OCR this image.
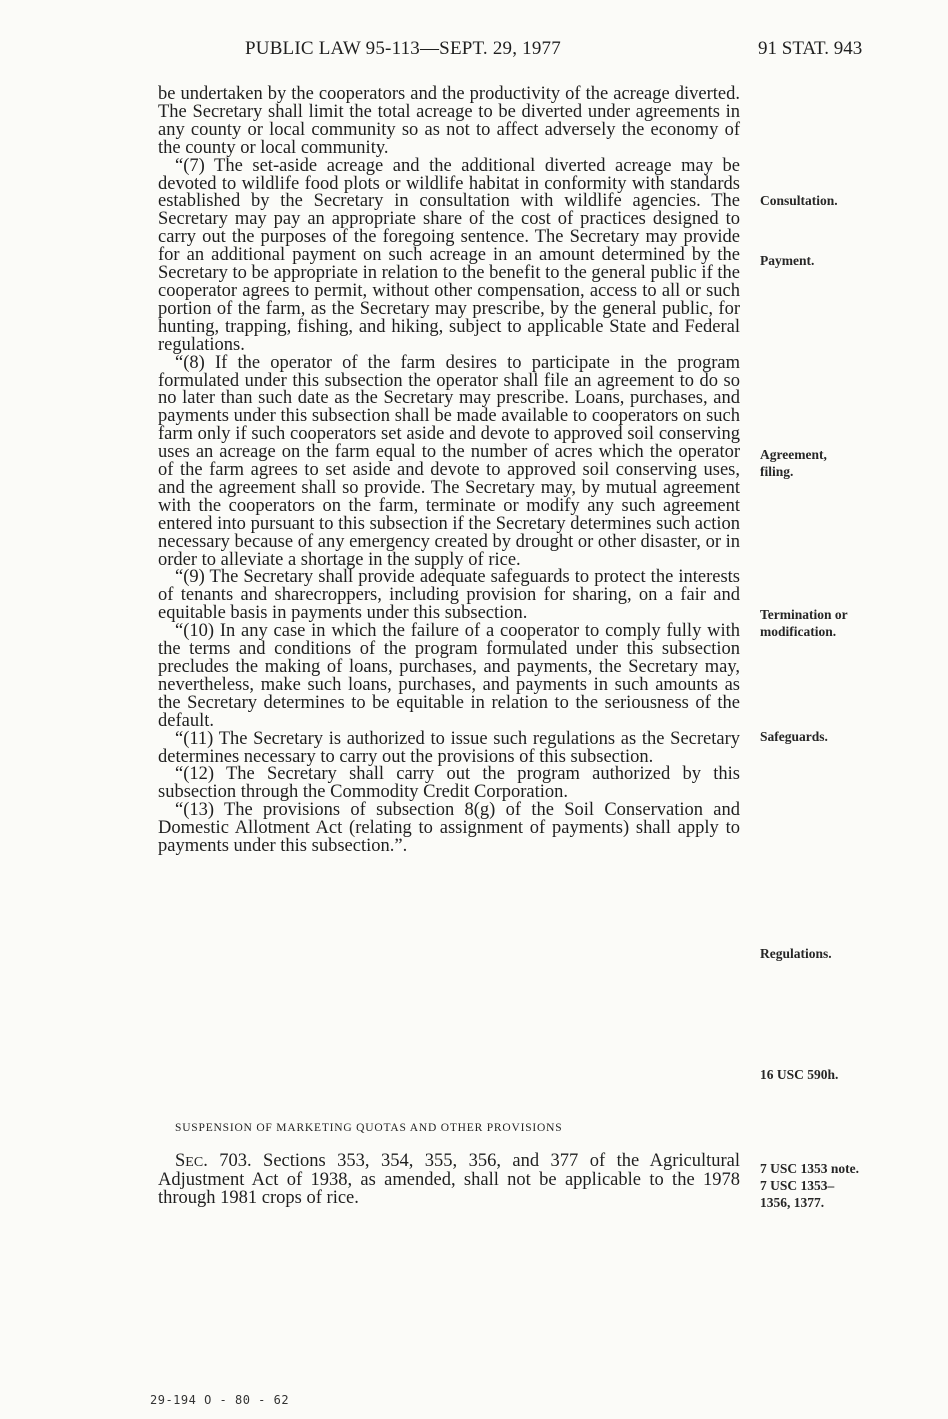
PUBLIC LAW 95-113—SEPT. 29, 1977	91 STAT. 943

be undertaken by the cooperators and the productivity of the acreage diverted. The Secretary shall limit the total acreage to be diverted under agreements in any county or local community so as not to affect adversely the economy of the county or local community.

“(7) The set-aside acreage and the additional diverted acreage may be devoted to wildlife food plots or wildlife habitat in conformity with standards established by the Secretary in consultation with wildlife agencies. The Secretary may pay an appropriate share of the cost of practices designed to carry out the purposes of the foregoing sentence. The Secretary may provide for an additional payment on such acreage in an amount determined by the Secretary to be appropriate in relation to the benefit to the general public if the cooperator agrees to permit, without other compensation, access to all or such portion of the farm, as the Secretary may prescribe, by the general public, for hunting, trapping, fishing, and hiking, subject to applicable State and Federal regulations.

“(8) If the operator of the farm desires to participate in the program formulated under this subsection the operator shall file an agreement to do so no later than such date as the Secretary may prescribe. Loans, purchases, and payments under this subsection shall be made available to cooperators on such farm only if such cooperators set aside and devote to approved soil conserving uses an acreage on the farm equal to the number of acres which the operator of the farm agrees to set aside and devote to approved soil conserving uses, and the agreement shall so provide. The Secretary may, by mutual agreement with the cooperators on the farm, terminate or modify any such agreement entered into pursuant to this subsection if the Secretary determines such action necessary because of any emergency created by drought or other disaster, or in order to alleviate a shortage in the supply of rice.

“(9) The Secretary shall provide adequate safeguards to protect the interests of tenants and sharecroppers, including provision for sharing, on a fair and equitable basis in payments under this subsection.

“(10) In any case in which the failure of a cooperator to comply fully with the terms and conditions of the program formulated under this subsection precludes the making of loans, purchases, and payments, the Secretary may, nevertheless, make such loans, purchases, and payments in such amounts as the Secretary determines to be equitable in relation to the seriousness of the default.

“(11) The Secretary is authorized to issue such regulations as the Secretary determines necessary to carry out the provisions of this subsection.

“(12) The Secretary shall carry out the program authorized by this subsection through the Commodity Credit Corporation.

“(13) The provisions of subsection 8(g) of the Soil Conservation and Domestic Allotment Act (relating to assignment of payments) shall apply to payments under this subsection.”.

SUSPENSION OF MARKETING QUOTAS AND OTHER PROVISIONS

SEC. 703. Sections 353, 354, 355, 356, and 377 of the Agricultural Adjustment Act of 1938, as amended, shall not be applicable to the 1978 through 1981 crops of rice.

Consultation.
Payment.
Agreement,
filing.
Termination or
modification.
Safeguards.
Regulations.
16 USC 590h.
7 USC 1353 note.
7 USC 1353–
1356, 1377.
29-194 O - 80 - 62
